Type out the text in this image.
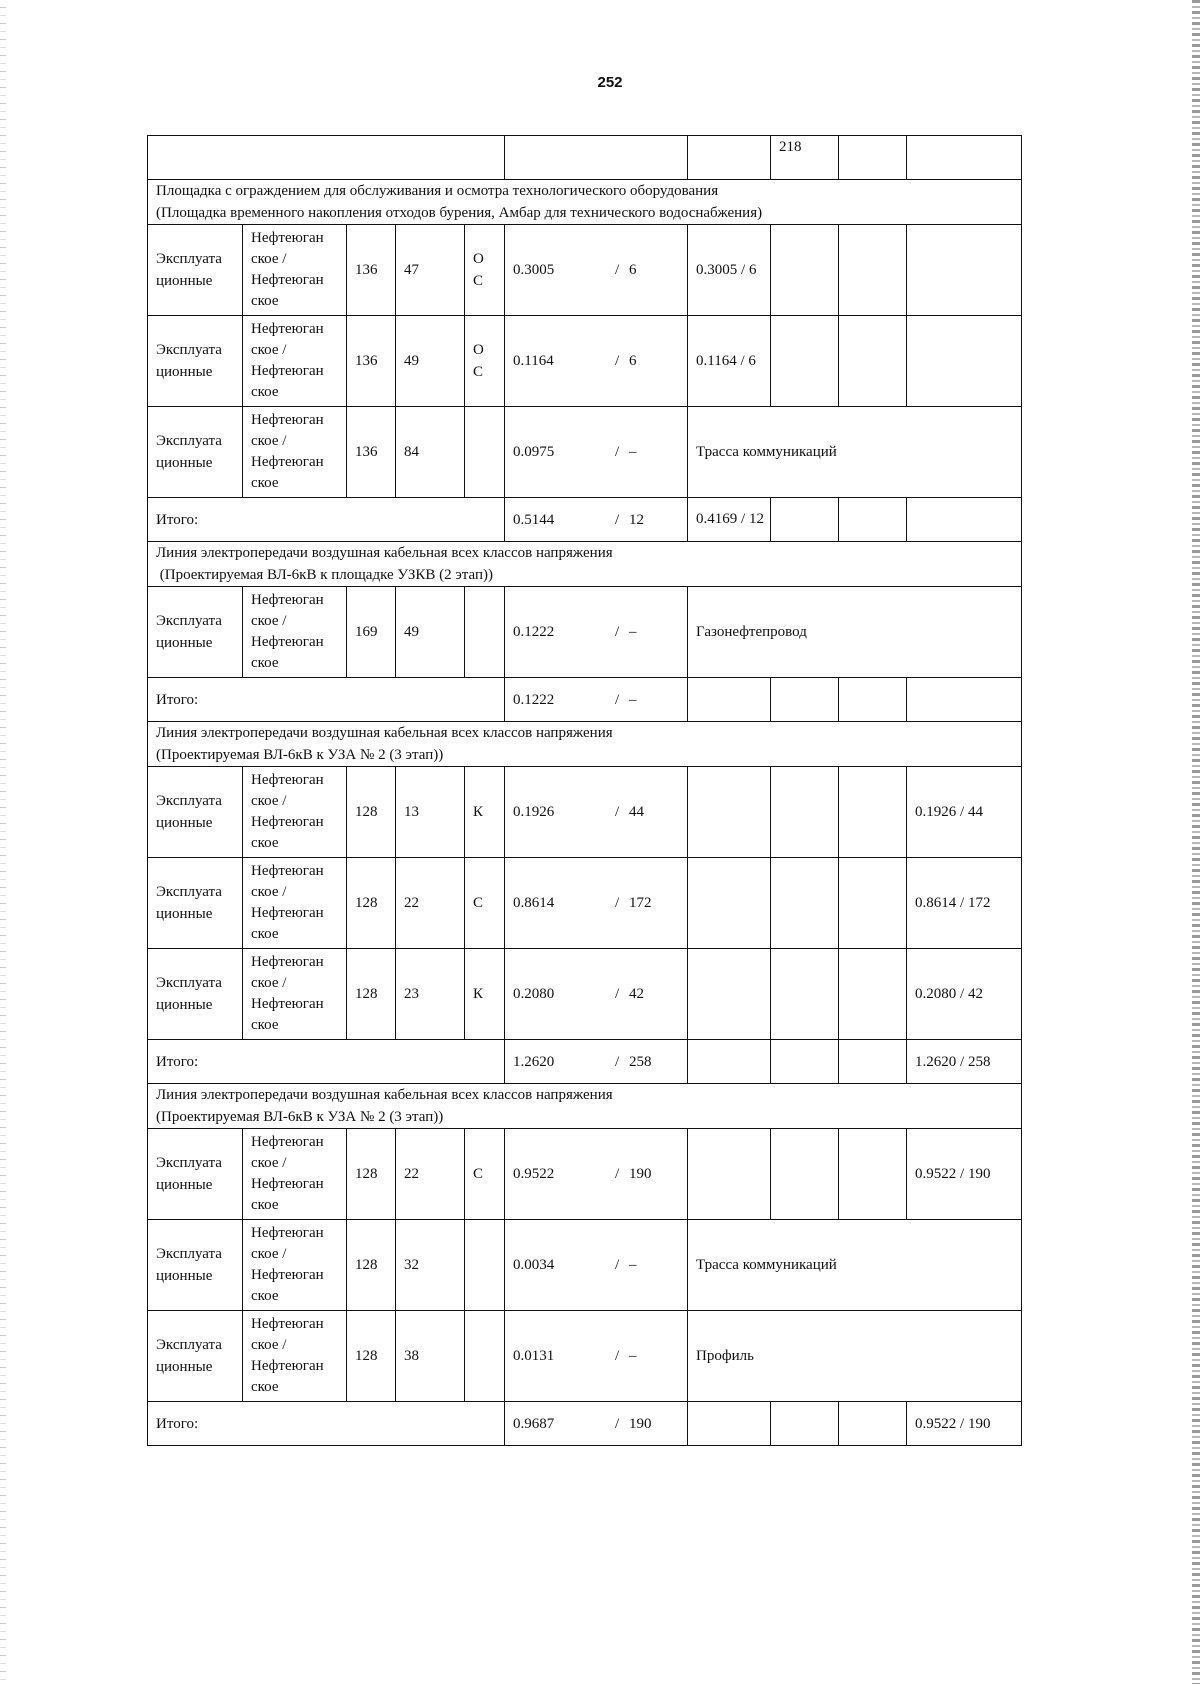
252
							218		

Площадка с ограждением для обслуживания и осмотра технологического оборудования
(Площадка временного накопления отходов бурения, Амбар для технического водоснабжения)									

Эксплуата ционные	Нефтеюган ское / Нефтеюган ское	136	47	О С	0.3005 / 6	0.3005 / 6			
Эксплуата ционные	Нефтеюган ское / Нефтеюган ское	136	49	О С	0.1164 / 6	0.1164 / 6			
Эксплуата ционные	Нефтеюган ское / Нефтеюган ское	136	84		0.0975 / –	Трасса коммуникаций			
Итого:					0.5144 / 12	0.4169 / 12			

Линия электропередачи воздушная кабельная всех классов напряжения
(Проектируемая ВЛ-6кВ к площадке УЗКВ (2 этап))									

Эксплуата ционные	Нефтеюган ское / Нефтеюган ское	169	49		0.1222 / –	Газонефтепровод			
Итого:					0.1222 / –				

Линия электропередачи воздушная кабельная всех классов напряжения
(Проектируемая ВЛ-6кВ к УЗА № 2 (3 этап))									

Эксплуата ционные	Нефтеюган ское / Нефтеюган ское	128	13	К	0.1926 / 44				0.1926 / 44
Эксплуата ционные	Нефтеюган ское / Нефтеюган ское	128	22	С	0.8614 / 172				0.8614 / 172
Эксплуата ционные	Нефтеюган ское / Нефтеюган ское	128	23	К	0.2080 / 42				0.2080 / 42
Итого:					1.2620 / 258				1.2620 / 258

Линия электропередачи воздушная кабельная всех классов напряжения
(Проектируемая ВЛ-6кВ к УЗА № 2 (3 этап))									

Эксплуата ционные	Нефтеюган ское / Нефтеюган ское	128	22	С	0.9522 / 190				0.9522 / 190
Эксплуата ционные	Нефтеюган ское / Нефтеюган ское	128	32		0.0034 / –	Трасса коммуникаций			
Эксплуата ционные	Нефтеюган ское / Нефтеюган ское	128	38		0.0131 / –	Профиль			
Итого:					0.9687 / 190				0.9522 / 190
